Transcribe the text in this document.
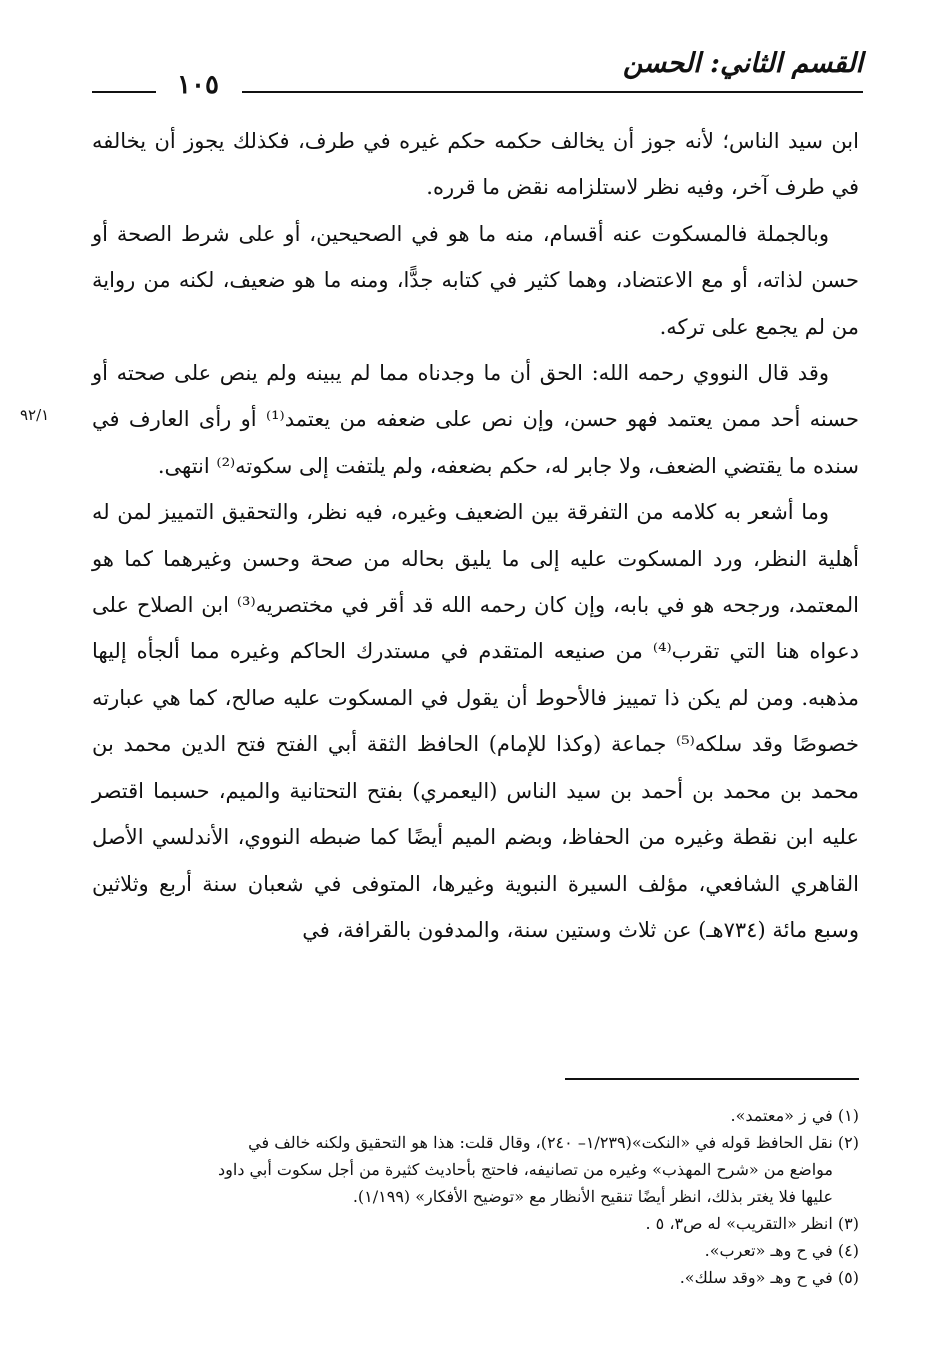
القسم الثاني: الحسن
١٠٥

ابن سيد الناس؛ لأنه جوز أن يخالف حكمه حكم غيره في طرف، فكذلك يجوز أن يخالفه في طرف آخر، وفيه نظر لاستلزامه نقض ما قرره.

وبالجملة فالمسكوت عنه أقسام، منه ما هو في الصحيحين، أو على شرط الصحة أو حسن لذاته، أو مع الاعتضاد، وهما كثير في كتابه جدًّا، ومنه ما هو ضعيف، لكنه من رواية من لم يجمع على تركه.

وقد قال النووي رحمه الله: الحق أن ما وجدناه مما لم يبينه ولم ينص على صحته أو حسنه أحد ممن يعتمد فهو حسن، وإن نص على ضعفه من يعتمد⁽¹⁾ أو رأى العارف في سنده ما يقتضي الضعف، ولا جابر له، حكم بضعفه، ولم يلتفت إلى سكوته⁽²⁾ انتهى.

وما أشعر به كلامه من التفرقة بين الضعيف وغيره، فيه نظر، والتحقيق التمييز لمن له أهلية النظر، ورد المسكوت عليه إلى ما يليق بحاله من صحة وحسن وغيرهما كما هو المعتمد، ورجحه هو في بابه، وإن كان رحمه الله قد أقر في مختصريه⁽³⁾ ابن الصلاح على دعواه هنا التي تقرب⁽⁴⁾ من صنيعه المتقدم في مستدرك الحاكم وغيره مما ألجأه إليها مذهبه. ومن لم يكن ذا تمييز فالأحوط أن يقول في المسكوت عليه صالح، كما هي عبارته خصوصًا وقد سلكه⁽⁵⁾ جماعة (وكذا للإمام) الحافظ الثقة أبي الفتح فتح الدين محمد بن محمد بن محمد بن أحمد بن سيد الناس (اليعمري) بفتح التحتانية والميم، حسبما اقتصر عليه ابن نقطة وغيره من الحفاظ، وبضم الميم أيضًا كما ضبطه النووي، الأندلسي الأصل القاهري الشافعي، مؤلف السيرة النبوية وغيرها، المتوفى في شعبان سنة أربع وثلاثين وسبع مائة (٧٣٤هـ) عن ثلاث وستين سنة، والمدفون بالقرافة، في

٩٢/١

(١) في ز «معتمد».

(٢) نقل الحافظ قوله في «النكت»(١/٢٣٩– ٢٤٠)، وقال قلت: هذا هو التحقيق ولكنه خالف في

مواضع من «شرح المهذب» وغيره من تصانيفه، فاحتج بأحاديث كثيرة من أجل سكوت أبي داود

عليها فلا يغتر بذلك، انظر أيضًا تنقيح الأنظار مع «توضيح الأفكار» (١/١٩٩).

(٣) انظر «التقريب» له ص٣، ٥ .

(٤) في ح وهـ «تعرب».

(٥) في ح وهـ «وقد سلك».
